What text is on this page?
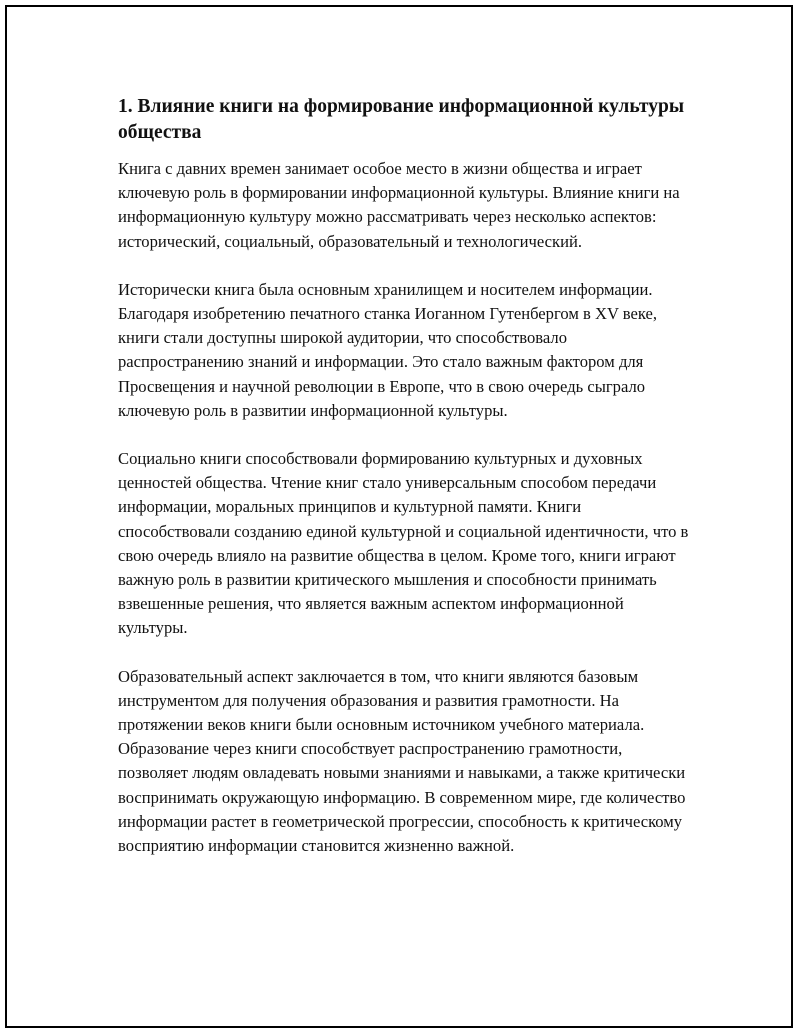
1. Влияние книги на формирование информационной культуры общества

Книга с давних времен занимает особое место в жизни общества и играет ключевую роль в формировании информационной культуры. Влияние книги на информационную культуру можно рассматривать через несколько аспектов: исторический, социальный, образовательный и технологический.

Исторически книга была основным хранилищем и носителем информации. Благодаря изобретению печатного станка Иоганном Гутенбергом в XV веке, книги стали доступны широкой аудитории, что способствовало распространению знаний и информации. Это стало важным фактором для Просвещения и научной революции в Европе, что в свою очередь сыграло ключевую роль в развитии информационной культуры.

Социально книги способствовали формированию культурных и духовных ценностей общества. Чтение книг стало универсальным способом передачи информации, моральных принципов и культурной памяти. Книги способствовали созданию единой культурной и социальной идентичности, что в свою очередь влияло на развитие общества в целом. Кроме того, книги играют важную роль в развитии критического мышления и способности принимать взвешенные решения, что является важным аспектом информационной культуры.

Образовательный аспект заключается в том, что книги являются базовым инструментом для получения образования и развития грамотности. На протяжении веков книги были основным источником учебного материала. Образование через книги способствует распространению грамотности, позволяет людям овладевать новыми знаниями и навыками, а также критически воспринимать окружающую информацию. В современном мире, где количество информации растет в геометрической прогрессии, способность к критическому восприятию информации становится жизненно важной.
